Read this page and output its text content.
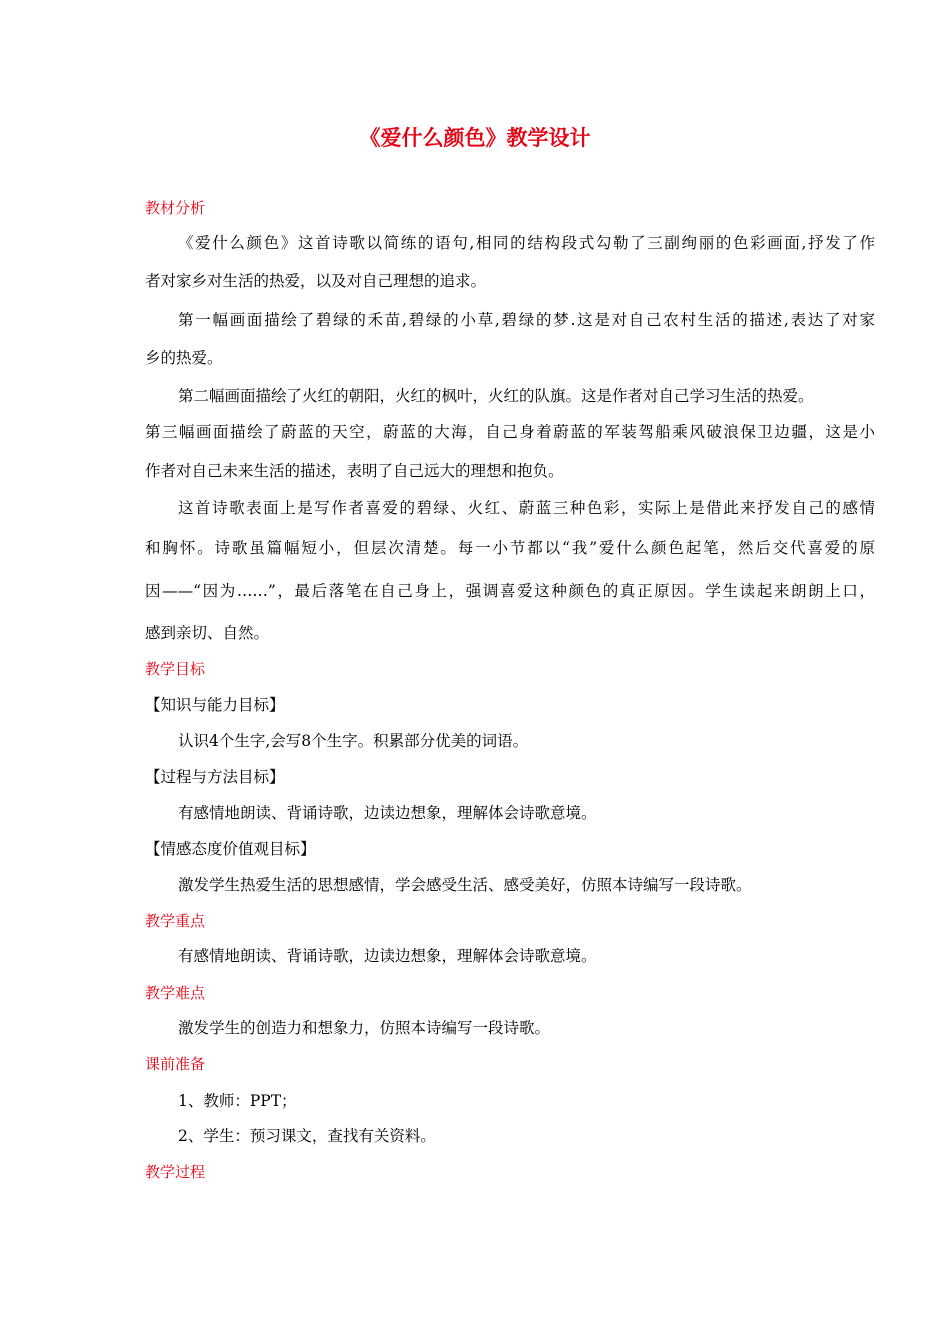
《爱什么颜色》教学设计
教材分析
《爱什么颜色》这首诗歌以简练的语句,相同的结构段式勾勒了三副绚丽的色彩画面,抒发了作
者对家乡对生活的热爱，以及对自己理想的追求。
第一幅画面描绘了碧绿的禾苗,碧绿的小草,碧绿的梦.这是对自己农村生活的描述,表达了对家
乡的热爱。
第二幅画面描绘了火红的朝阳，火红的枫叶，火红的队旗。这是作者对自己学习生活的热爱。
第三幅画面描绘了蔚蓝的天空，蔚蓝的大海，自己身着蔚蓝的军装驾船乘风破浪保卫边疆，这是小
作者对自己未来生活的描述，表明了自己远大的理想和抱负。
这首诗歌表面上是写作者喜爱的碧绿、火红、蔚蓝三种色彩，实际上是借此来抒发自己的感情
和胸怀。诗歌虽篇幅短小，但层次清楚。每一小节都以“我”爱什么颜色起笔，然后交代喜爱的原
因——“因为……”，最后落笔在自己身上，强调喜爱这种颜色的真正原因。学生读起来朗朗上口，
感到亲切、自然。
教学目标
【知识与能力目标】
认识4个生字,会写8个生字。积累部分优美的词语。
【过程与方法目标】
有感情地朗读、背诵诗歌，边读边想象，理解体会诗歌意境。
【情感态度价值观目标】
激发学生热爱生活的思想感情，学会感受生活、感受美好，仿照本诗编写一段诗歌。
教学重点
有感情地朗读、背诵诗歌，边读边想象，理解体会诗歌意境。
教学难点
激发学生的创造力和想象力，仿照本诗编写一段诗歌。
课前准备
1、教师：PPT；
2、学生：预习课文，查找有关资料。
教学过程
